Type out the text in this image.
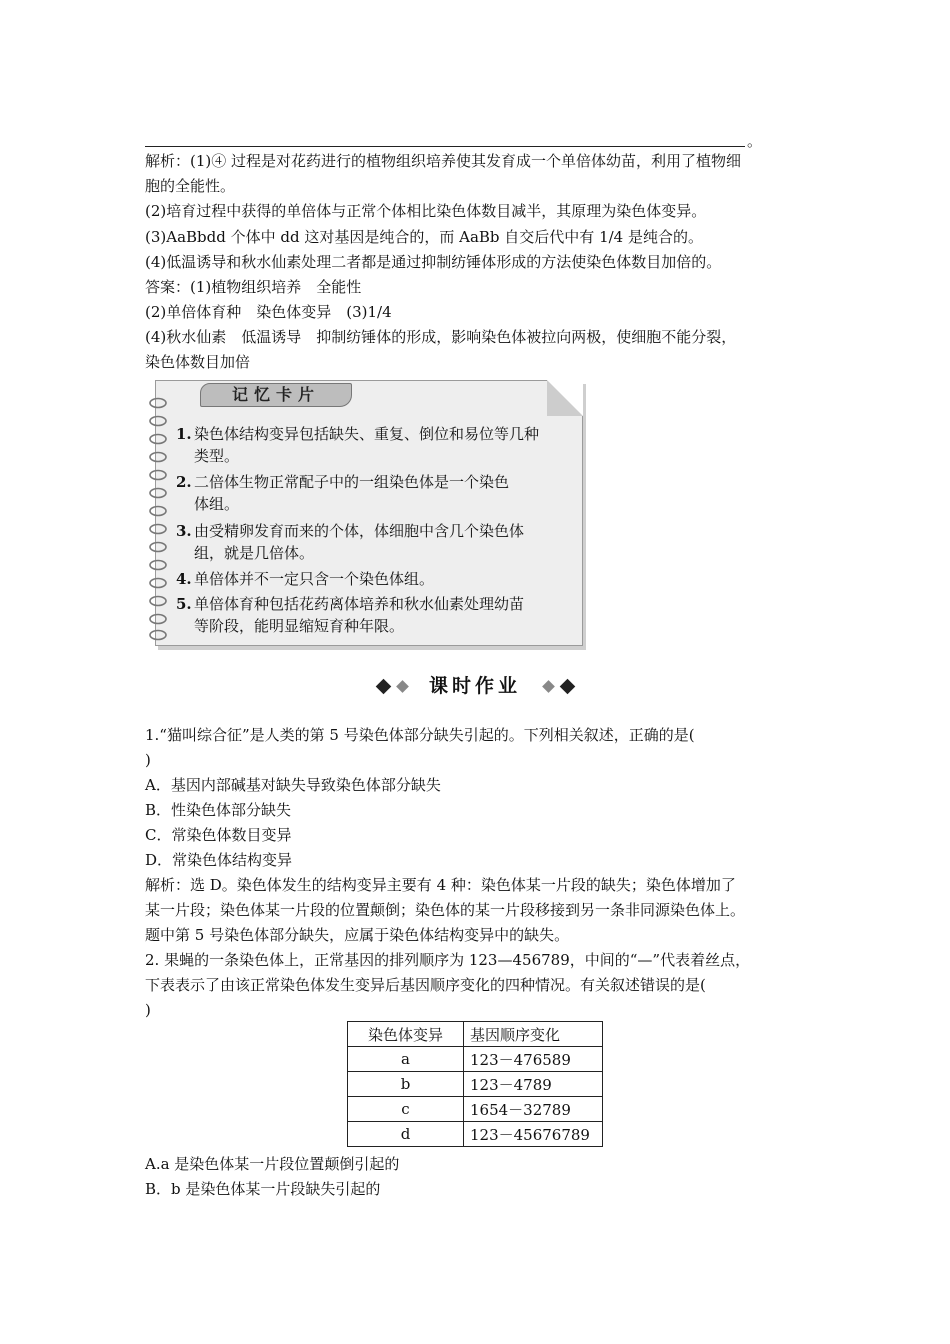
。
解析：(1)④ 过程是对花药进行的植物组织培养使其发育成一个单倍体幼苗，利用了植物细
胞的全能性。
(2)培育过程中获得的单倍体与正常个体相比染色体数目减半，其原理为染色体变异。
(3)AaBbdd 个体中 dd 这对基因是纯合的，而 AaBb 自交后代中有 1/4 是纯合的。
(4)低温诱导和秋水仙素处理二者都是通过抑制纺锤体形成的方法使染色体数目加倍的。
答案：(1)植物组织培养　全能性
(2)单倍体育种　染色体变异　(3)1/4
(4)秋水仙素　低温诱导　抑制纺锤体的形成，影响染色体被拉向两极，使细胞不能分裂，
染色体数目加倍
记忆卡片
1. 染色体结构变异包括缺失、重复、倒位和易位等几种
类型。
2. 二倍体生物正常配子中的一组染色体是一个染色
体组。
3. 由受精卵发育而来的个体，体细胞中含几个染色体
组，就是几倍体。
4. 单倍体并不一定只含一个染色体组。
5. 单倍体育种包括花药离体培养和秋水仙素处理幼苗
等阶段，能明显缩短育种年限。
课时作业
1.“猫叫综合征”是人类的第 5 号染色体部分缺失引起的。下列相关叙述，正确的是(
)
A．基因内部碱基对缺失导致染色体部分缺失
B．性染色体部分缺失
C．常染色体数目变异
D．常染色体结构变异
解析：选 D。染色体发生的结构变异主要有 4 种：染色体某一片段的缺失；染色体增加了
某一片段；染色体某一片段的位置颠倒；染色体的某一片段移接到另一条非同源染色体上。
题中第 5 号染色体部分缺失，应属于染色体结构变异中的缺失。
2. 果蝇的一条染色体上，正常基因的排列顺序为 123—456789，中间的“—”代表着丝点，
下表表示了由该正常染色体发生变异后基因顺序变化的四种情况。有关叙述错误的是(
)
染色体变异	基因顺序变化
a	123－476589
b	123－4789
c	1654－32789
d	123－45676789
A.a 是染色体某一片段位置颠倒引起的
B．b 是染色体某一片段缺失引起的
